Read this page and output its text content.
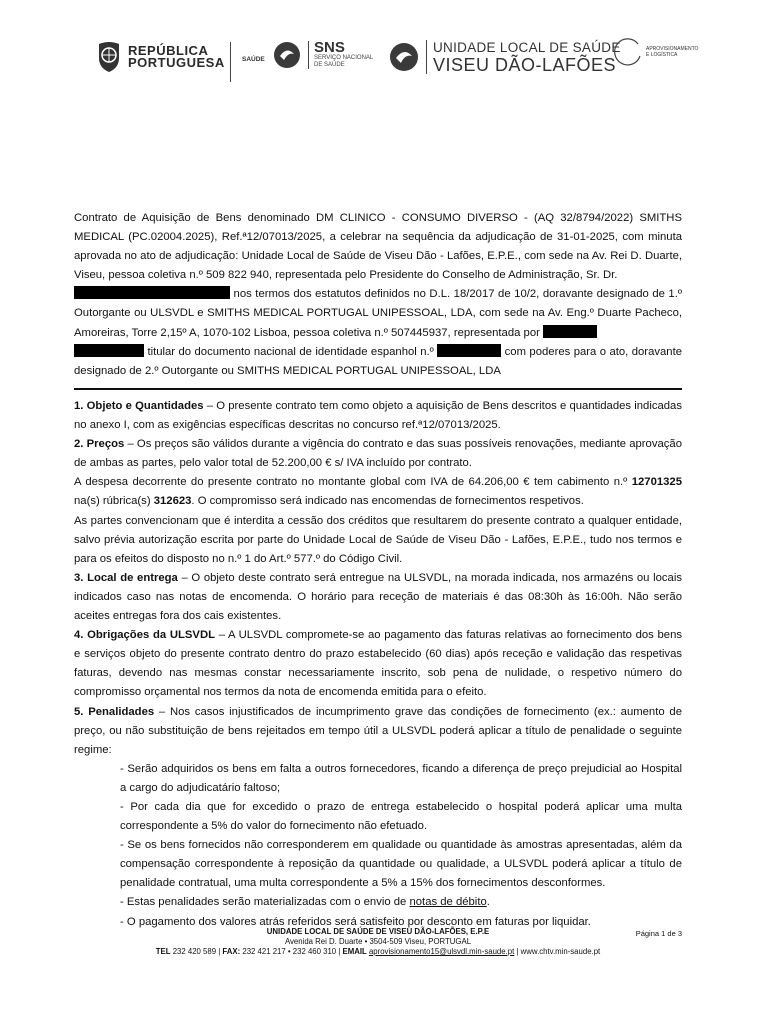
REPÚBLICA
PORTUGUESA	SAÚDE
SNS
SERVIÇO NACIONAL
DE SAÚDE
UNIDADE LOCAL DE SAÚDE
VISEU DÃO-LAFÕES
APROVISIONAMENTO
E LOGÍSTICA

Contrato de Aquisição de Bens denominado DM CLINICO - CONSUMO DIVERSO - (AQ 32/8794/2022) SMITHS MEDICAL (PC.02004.2025), Ref.ª12/07013/2025, a celebrar na sequência da adjudicação de 31-01-2025, com minuta aprovada no ato de adjudicação: Unidade Local de Saúde de Viseu Dão - Lafões, E.P.E., com sede na Av. Rei D. Duarte, Viseu, pessoa coletiva n.º 509 822 940, representada pelo Presidente do Conselho de Administração, Sr. Dr.
nos termos dos estatutos definidos no D.L. 18/2017 de 10/2, doravante designado de 1.º Outorgante ou ULSVDL e SMITHS MEDICAL PORTUGAL UNIPESSOAL, LDA, com sede na Av. Eng.º Duarte Pacheco, Amoreiras, Torre 2,15º A, 1070-102 Lisboa, pessoa coletiva n.º 507445937, representada por
titular do documento nacional de identidade espanhol n.º	com poderes para o ato, doravante designado de 2.º Outorgante ou SMITHS MEDICAL PORTUGAL UNIPESSOAL, LDA

1. Objeto e Quantidades – O presente contrato tem como objeto a aquisição de Bens descritos e quantidades indicadas no anexo I, com as exigências específicas descritas no concurso ref.ª12/07013/2025.

2. Preços – Os preços são válidos durante a vigência do contrato e das suas possíveis renovações, mediante aprovação de ambas as partes, pelo valor total de 52.200,00 € s/ IVA incluído por contrato.

A despesa decorrente do presente contrato no montante global com IVA de 64.206,00 € tem cabimento n.º 12701325 na(s) rúbrica(s) 312623. O compromisso será indicado nas encomendas de fornecimentos respetivos.

As partes convencionam que é interdita a cessão dos créditos que resultarem do presente contrato a qualquer entidade, salvo prévia autorização escrita por parte do Unidade Local de Saúde de Viseu Dão - Lafões, E.P.E., tudo nos termos e para os efeitos do disposto no n.º 1 do Art.º 577.º do Código Civil.

3. Local de entrega – O objeto deste contrato será entregue na ULSVDL, na morada indicada, nos armazéns ou locais indicados caso nas notas de encomenda. O horário para receção de materiais é das 08:30h às 16:00h. Não serão aceites entregas fora dos cais existentes.

4. Obrigações da ULSVDL – A ULSVDL compromete-se ao pagamento das faturas relativas ao fornecimento dos bens e serviços objeto do presente contrato dentro do prazo estabelecido (60 dias) após receção e validação das respetivas faturas, devendo nas mesmas constar necessariamente inscrito, sob pena de nulidade, o respetivo número do compromisso orçamental nos termos da nota de encomenda emitida para o efeito.

5. Penalidades – Nos casos injustificados de incumprimento grave das condições de fornecimento (ex.: aumento de preço, ou não substituição de bens rejeitados em tempo útil a ULSVDL poderá aplicar a título de penalidade o seguinte regime:

- Serão adquiridos os bens em falta a outros fornecedores, ficando a diferença de preço prejudicial ao Hospital a cargo do adjudicatário faltoso;

- Por cada dia que for excedido o prazo de entrega estabelecido o hospital poderá aplicar uma multa correspondente a 5% do valor do fornecimento não efetuado.

- Se os bens fornecidos não corresponderem em qualidade ou quantidade às amostras apresentadas, além da compensação correspondente à reposição da quantidade ou qualidade, a ULSVDL poderá aplicar a título de penalidade contratual, uma multa correspondente a 5% a 15% dos fornecimentos desconformes.

- Estas penalidades serão materializadas com o envio de notas de débito.

- O pagamento dos valores atrás referidos será satisfeito por desconto em faturas por liquidar.

UNIDADE LOCAL DE SAÚDE DE VISEU DÃO-LAFÕES, E.P.E
Avenida Rei D. Duarte • 3504-509 Viseu, PORTUGAL
TEL 232 420 589 | FAX: 232 421 217 • 232 460 310 | EMAIL aprovisionamento15@ulsvdl.min-saude.pt | www.chtv.min-saude.pt
Página 1 de 3
